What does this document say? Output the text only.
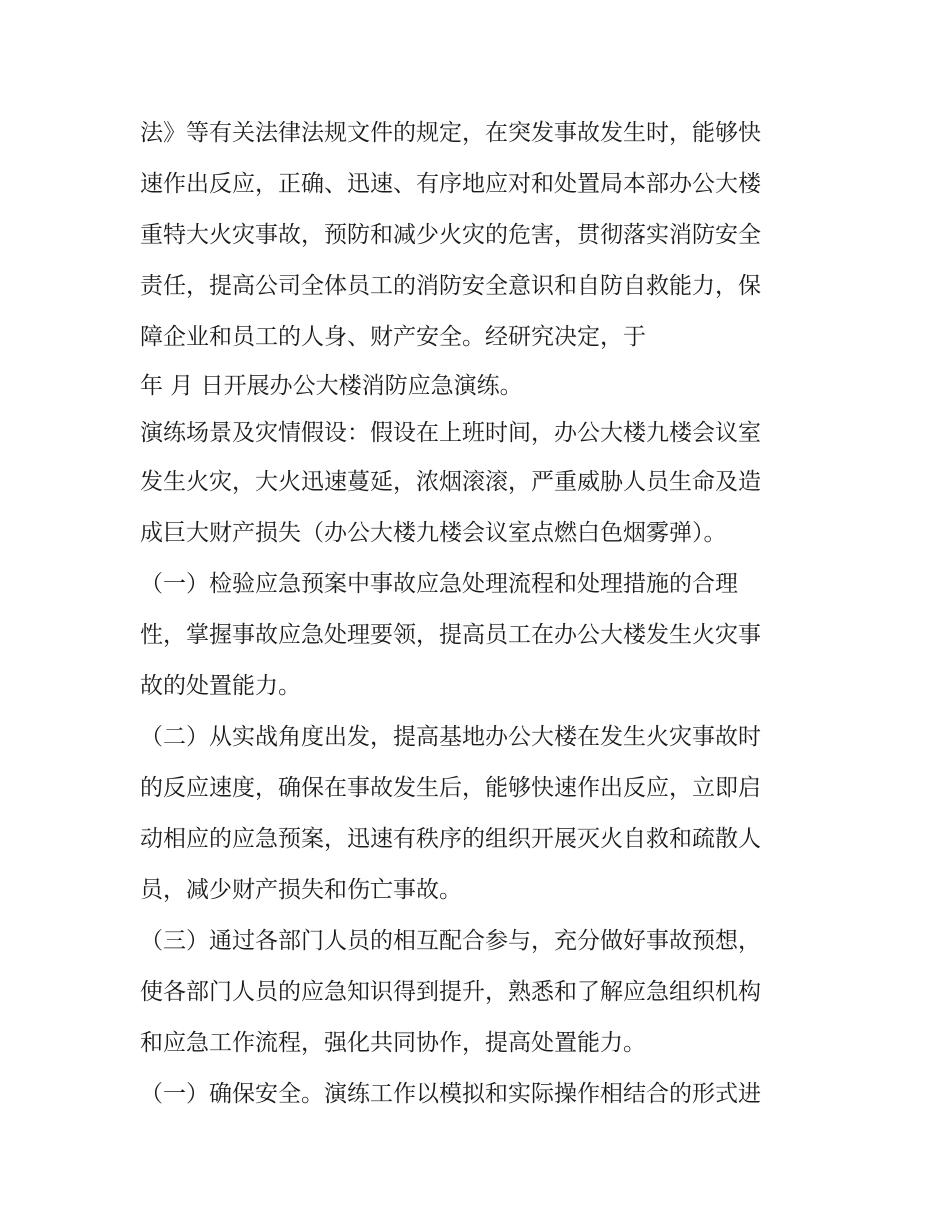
法》等有关法律法规文件的规定，在突发事故发生时，能够快

速作出反应，正确、迅速、有序地应对和处置局本部办公大楼

重特大火灾事故，预防和减少火灾的危害，贯彻落实消防安全

责任，提高公司全体员工的消防安全意识和自防自救能力，保

障企业和员工的人身、财产安全。经研究决定，于

年 月 日开展办公大楼消防应急演练。

演练场景及灾情假设：假设在上班时间，办公大楼九楼会议室

发生火灾，大火迅速蔓延，浓烟滚滚，严重威胁人员生命及造

成巨大财产损失（办公大楼九楼会议室点燃白色烟雾弹）。

（一）检验应急预案中事故应急处理流程和处理措施的合理

性，掌握事故应急处理要领，提高员工在办公大楼发生火灾事

故的处置能力。

（二）从实战角度出发，提高基地办公大楼在发生火灾事故时

的反应速度，确保在事故发生后，能够快速作出反应，立即启

动相应的应急预案，迅速有秩序的组织开展灭火自救和疏散人

员，减少财产损失和伤亡事故。

（三）通过各部门人员的相互配合参与，充分做好事故预想，

使各部门人员的应急知识得到提升，熟悉和了解应急组织机构

和应急工作流程，强化共同协作，提高处置能力。

（一）确保安全。演练工作以模拟和实际操作相结合的形式进
